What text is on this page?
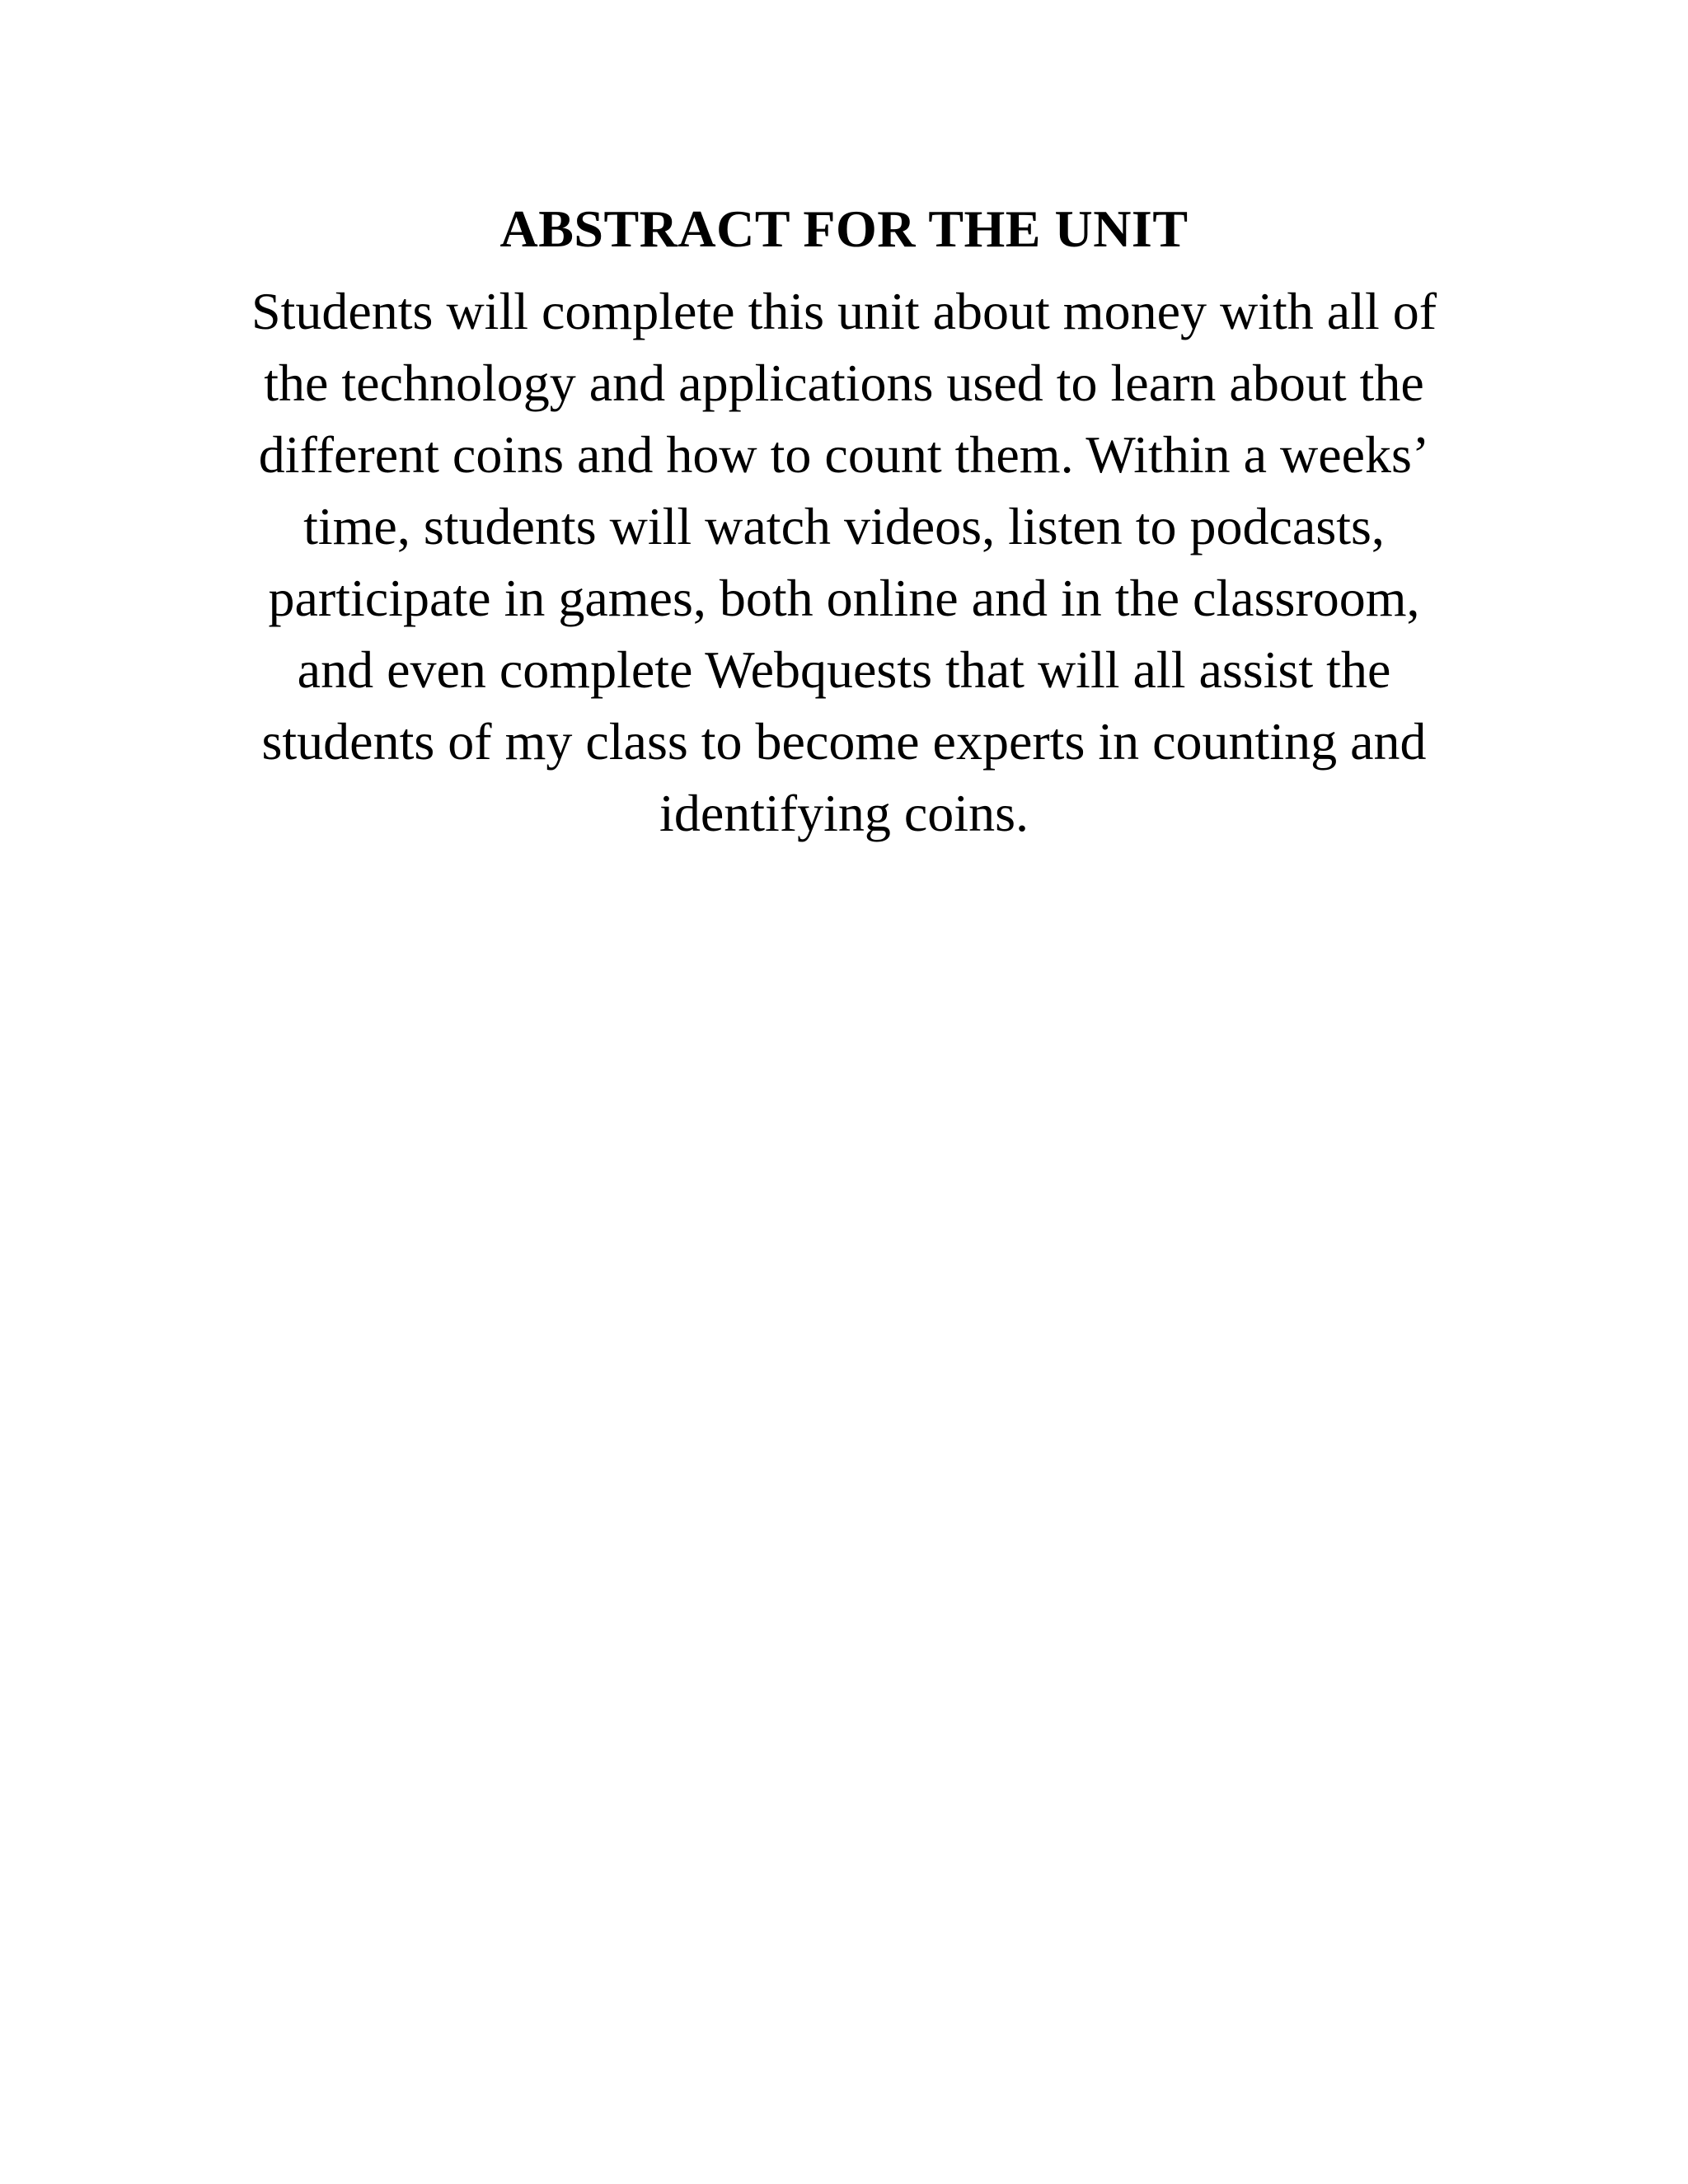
ABSTRACT FOR THE UNIT
Students will complete this unit about money with all of
the technology and applications used to learn about the
different coins and how to count them. Within a weeks’
time, students will watch videos, listen to podcasts,
participate in games, both online and in the classroom,
and even complete Webquests that will all assist the
students of my class to become experts in counting and
identifying coins.
